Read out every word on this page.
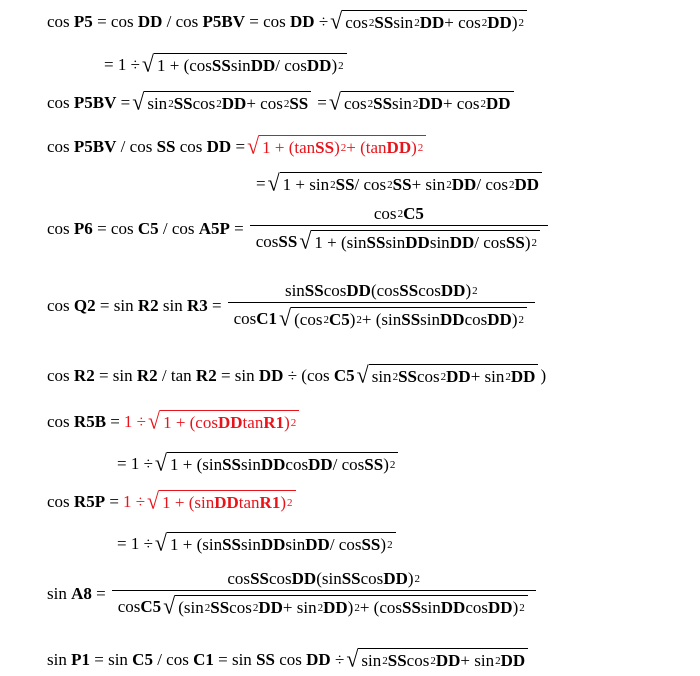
cos P5 = cos DD / cos P5BV = cos DD ÷ √ cos 2 SS sin 2 DD + cos 2 DD ) 2
= 1 ÷ √ 1 + (cos SS sin DD / cos DD ) 2
cos P5BV = √ sin 2 SS cos 2 DD + cos 2 SS = √ cos 2 SS sin 2 DD + cos 2 DD
cos P5BV / cos SS cos DD = √ 1 + (tan SS ) 2 + (tan DD ) 2
= √ 1 + sin 2 SS / cos 2 SS + sin 2 DD / cos 2 DD
$\cos P6 = \cos C5 / \cos A5P = \frac{\cos 2 C5}{\text{cos SS √ 1 + (sin SS sin DD sin DD / cos SS ) 2}}$
cos Q2 = sin R2 $\sin R3 = \frac{\text{sin SS cos DD (cos SS cos DD ) 2}}{\text{cos C1 √ (cos 2 C5 ) 2 + (sin SS sin DD cos DD ) 2}}$
cos R2 = sin R2 / tan R2 = sin DD ÷ (cos C5 √ sin 2 SS cos 2 DD + sin 2 DD )
cos R5B = 1 ÷ √ 1 + (cos DD tan R1 ) 2
= 1 ÷ √ 1 + (sin SS sin DD cos DD / cos SS ) 2
cos R5P = 1 ÷ √ 1 + (sin DD tan R1 ) 2
= 1 ÷ √ 1 + (sin SS sin DD sin DD / cos SS ) 2
sin A8 =
cos SS cos DD (sin SS cos DD ) 2
cos C5 √ (sin 2 SS cos 2 DD + sin 2 DD ) 2 + (cos SS sin DD cos DD ) 2
sin P1 = sin C5 / cos C1 = sin SS cos DD ÷ √ sin 2 SS cos 2 DD + sin 2 DD
